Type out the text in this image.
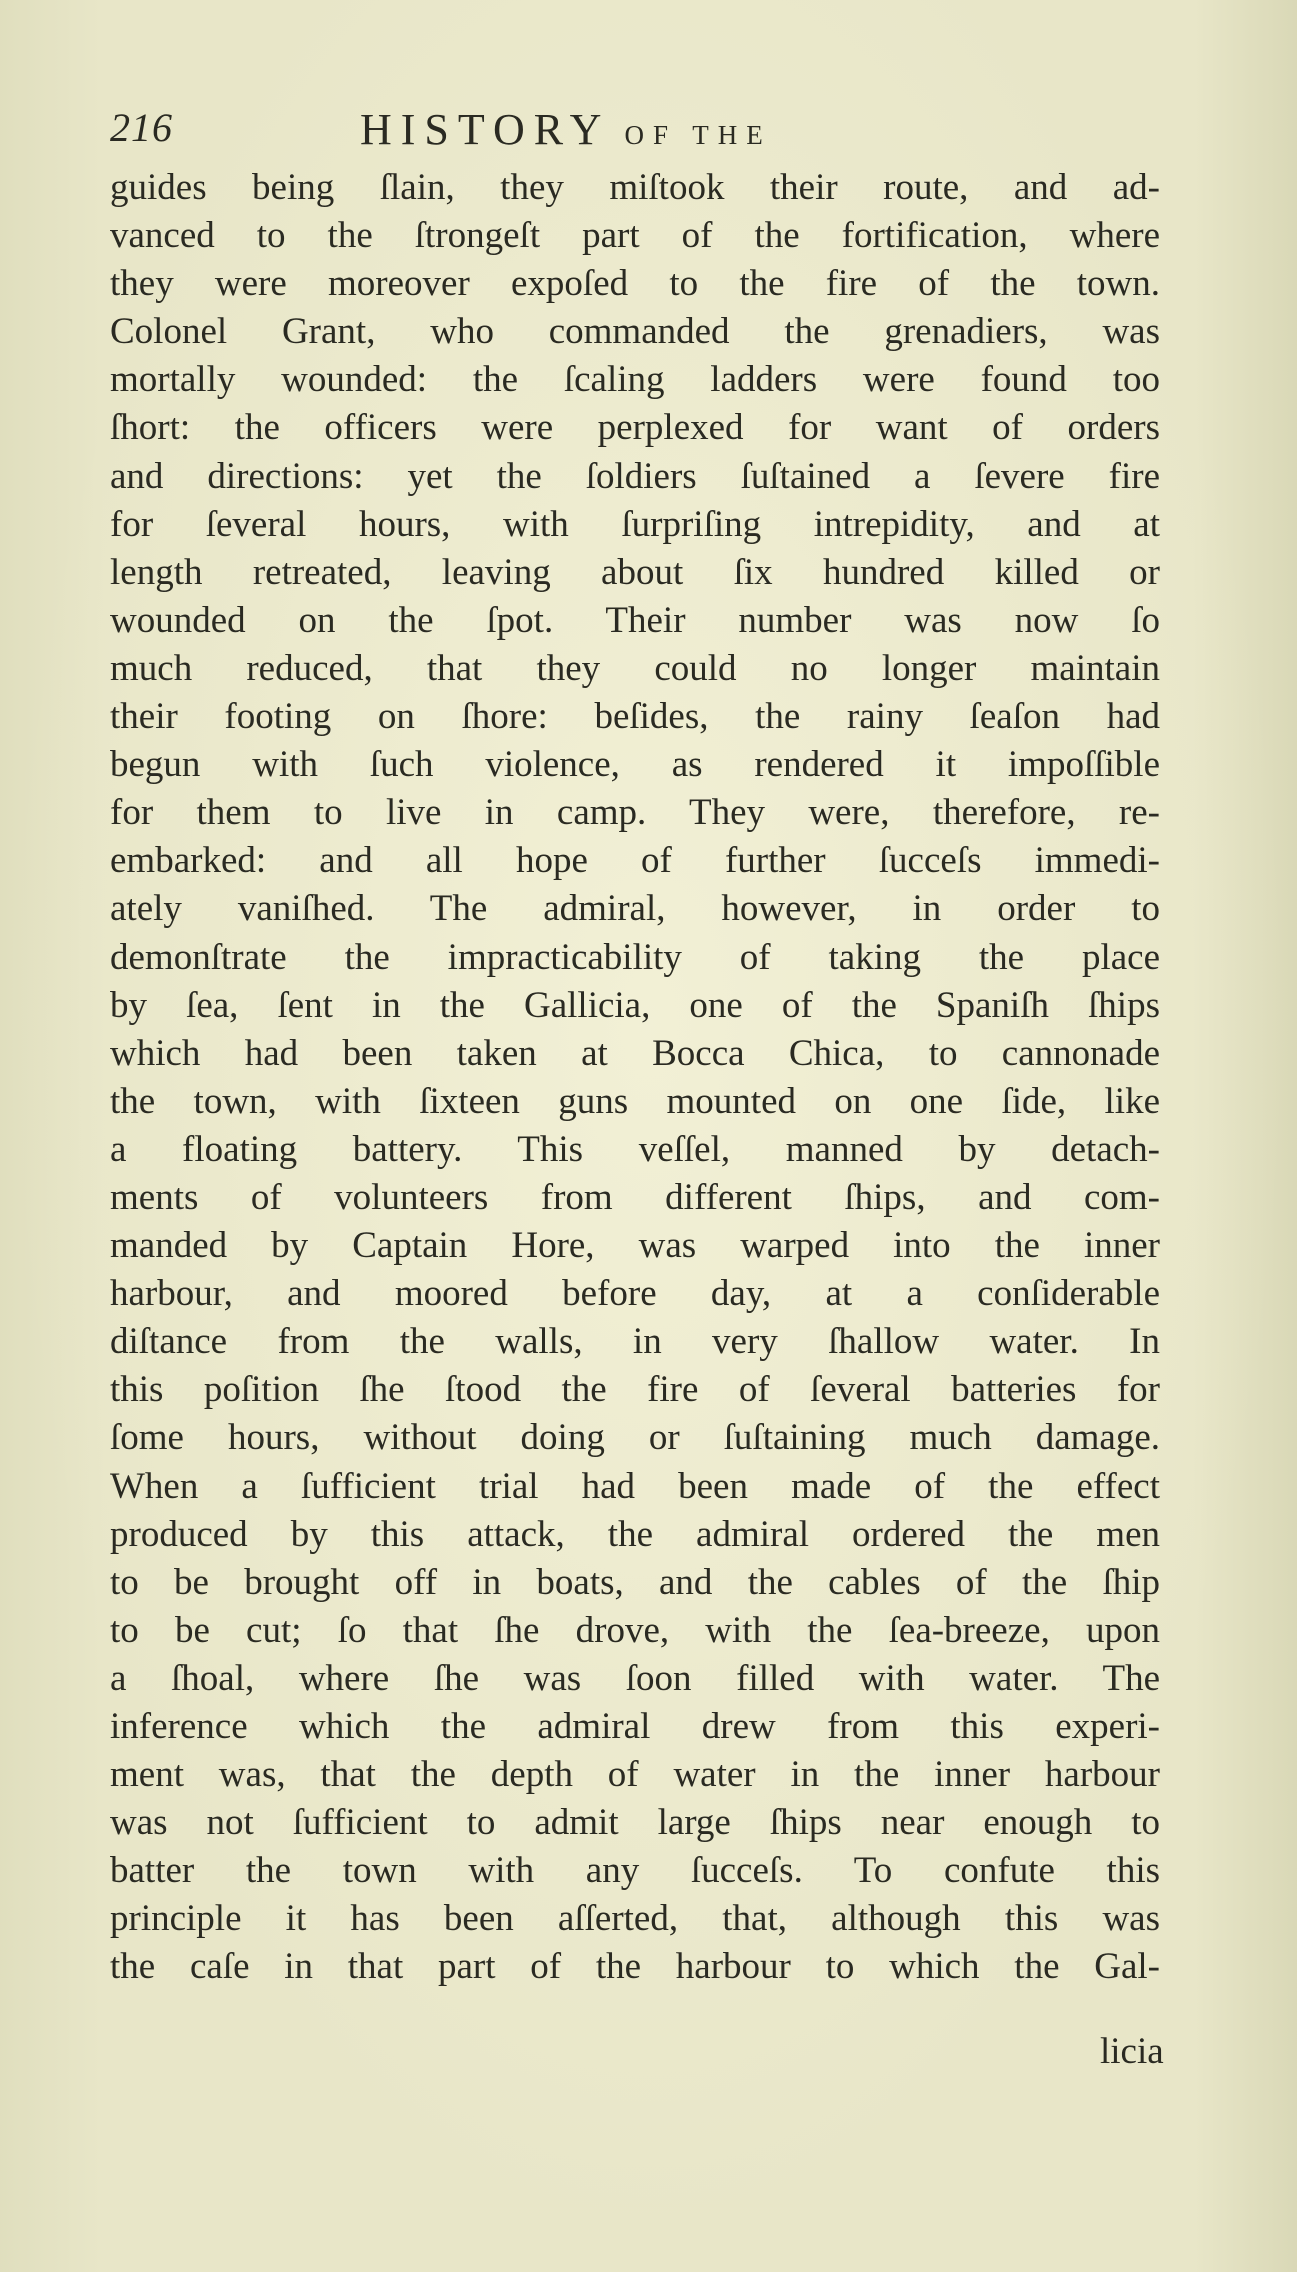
216	HISTORY OF THE
guides being ſlain, they miſtook their route, and ad-
vanced to the ſtrongeſt part of the fortification, where
they were moreover expoſed to the fire of the town.
Colonel Grant, who commanded the grenadiers, was
mortally wounded: the ſcaling ladders were found too
ſhort: the officers were perplexed for want of orders
and directions: yet the ſoldiers ſuſtained a ſevere fire
for ſeveral hours, with ſurpriſing intrepidity, and at
length retreated, leaving about ſix hundred killed or
wounded on the ſpot. Their number was now ſo
much reduced, that they could no longer maintain
their footing on ſhore: beſides, the rainy ſeaſon had
begun with ſuch violence, as rendered it impoſſible
for them to live in camp. They were, therefore, re-
embarked: and all hope of further ſucceſs immedi-
ately vaniſhed. The admiral, however, in order to
demonſtrate the impracticability of taking the place
by ſea, ſent in the Gallicia, one of the Spaniſh ſhips
which had been taken at Bocca Chica, to cannonade
the town, with ſixteen guns mounted on one ſide, like
a floating battery. This veſſel, manned by detach-
ments of volunteers from different ſhips, and com-
manded by Captain Hore, was warped into the inner
harbour, and moored before day, at a conſiderable
diſtance from the walls, in very ſhallow water. In
this poſition ſhe ſtood the fire of ſeveral batteries for
ſome hours, without doing or ſuſtaining much damage.
When a ſufficient trial had been made of the effect
produced by this attack, the admiral ordered the men
to be brought off in boats, and the cables of the ſhip
to be cut; ſo that ſhe drove, with the ſea-breeze, upon
a ſhoal, where ſhe was ſoon filled with water. The
inference which the admiral drew from this experi-
ment was, that the depth of water in the inner harbour
was not ſufficient to admit large ſhips near enough to
batter the town with any ſucceſs. To confute this
principle it has been aſſerted, that, although this was
the caſe in that part of the harbour to which the Gal-
licia
